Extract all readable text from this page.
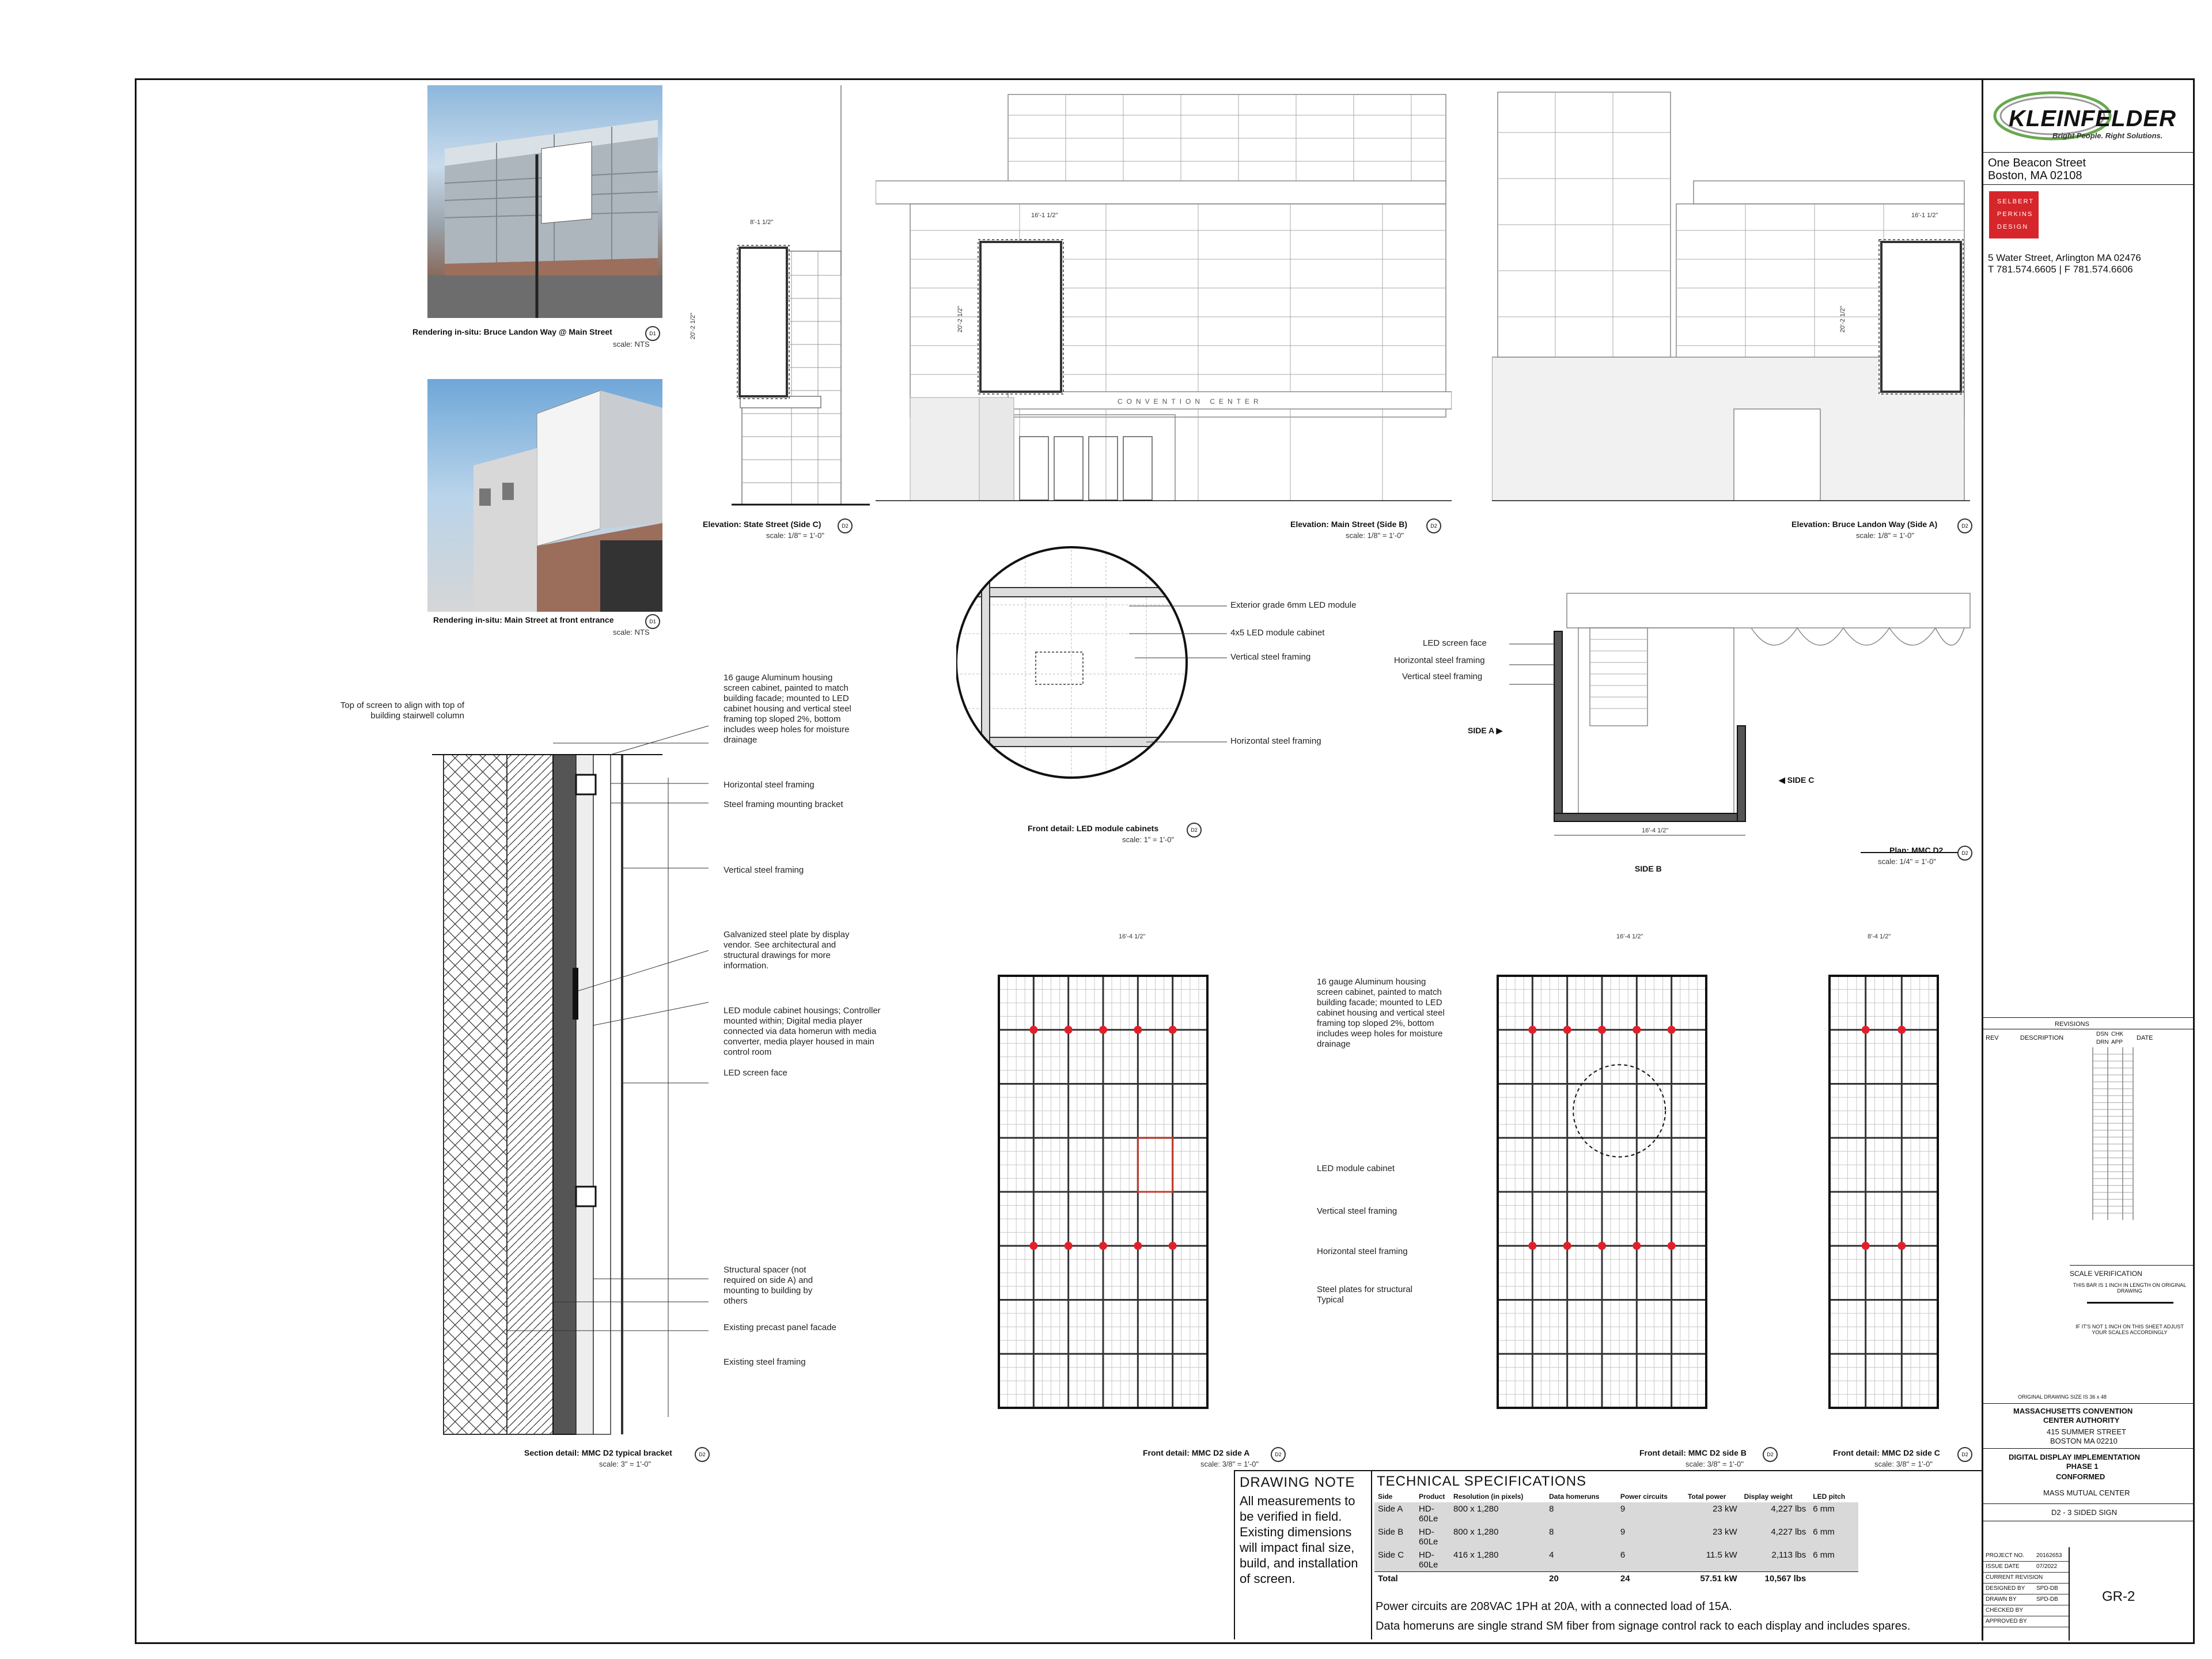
Rendering in-situ: Bruce Landon Way @ Main Street
scale: NTS
D1
Rendering in-situ: Main Street at front entrance
scale: NTS
D1
8'-1 1/2"
20'-2 1/2"
Elevation: State Street (Side C)
scale: 1/8" = 1'-0"
D2
CONVENTION CENTER
16'-1 1/2"
20'-2 1/2"
Elevation: Main Street (Side B)
scale: 1/8" = 1'-0"
D2
16'-1 1/2"
20'-2 1/2"
Elevation: Bruce Landon Way (Side A)
scale: 1/8" = 1'-0"
D2
Exterior grade 6mm LED module
4x5 LED module cabinet
Vertical steel framing
Horizontal steel framing
Front detail: LED module cabinets
scale: 1" = 1'-0"
D2
LED screen face
Horizontal steel framing
Vertical steel framing
SIDE A ▶
◀ SIDE C
SIDE B
16'-4 1/2"
Plan: MMC D2
scale: 1/4" = 1'-0"
D2
Top of screen to align with top of building stairwell column
16 gauge Aluminum housing screen cabinet, painted to match building facade; mounted to LED cabinet housing and vertical steel framing top sloped 2%, bottom includes weep holes for moisture drainage
Horizontal steel framing
Steel framing mounting bracket
Vertical steel framing
Galvanized steel plate by display vendor. See architectural and structural drawings for more information.
LED module cabinet housings; Controller mounted within; Digital media player connected via data homerun with media converter, media player housed in main control room
LED screen face
Structural spacer (not required on side A) and mounting to building by others
Existing precast panel facade
Existing steel framing
Section detail: MMC D2 typical bracket
scale: 3" = 1'-0"
D2
16'-4 1/2"	16'-4 1/2"	8'-4 1/2"
16 gauge Aluminum housing screen cabinet, painted to match building facade; mounted to LED cabinet housing and vertical steel framing top sloped 2%, bottom includes weep holes for moisture drainage
LED module cabinet
Vertical steel framing
Horizontal steel framing
Steel plates for structural Typical
Front detail: MMC D2 side A
scale: 3/8" = 1'-0"
D2	Front detail: MMC D2 side B
scale: 3/8" = 1'-0"
D2	Front detail: MMC D2 side C
scale: 3/8" = 1'-0"
D2
DRAWING NOTE
All measurements to be verified in field. Existing dimensions will impact final size, build, and installation of screen.
TECHNICAL SPECIFICATIONS
Side	Product	Resolution (in pixels)	Data homeruns	Power circuits	Total power	Display weight	LED pitch
Side A	HD-60Le	800 x 1,280	8	9	23 kW	4,227 lbs	6 mm
Side B	HD-60Le	800 x 1,280	8	9	23 kW	4,227 lbs	6 mm
Side C	HD-60Le	416 x 1,280	4	6	11.5 kW	2,113 lbs	6 mm
Total			20	24	57.51 kW	10,567 lbs	
Power circuits are 208VAC 1PH at 20A, with a connected load of 15A.
Data homeruns are single strand SM fiber from signage control rack to each display and includes spares.
KLEINFELDER
Bright People. Right Solutions.
One Beacon Street
Boston, MA 02108
SELBERT
PERKINS
DESIGN
5 Water Street, Arlington MA 02476
T 781.574.6605 | F 781.574.6606
REVISIONS
REV	DESCRIPTION
DSN CHK
DRN APP
DATE
SCALE VERIFICATION
THIS BAR IS 1 INCH IN LENGTH ON ORIGINAL DRAWING
IF IT'S NOT 1 INCH ON THIS SHEET ADJUST YOUR SCALES ACCORDINGLY
ORIGINAL DRAWING SIZE IS 36 x 48
MASSACHUSETTS CONVENTION
CENTER AUTHORITY
415 SUMMER STREET
BOSTON MA 02210
DIGITAL DISPLAY IMPLEMENTATION
PHASE 1
CONFORMED
MASS MUTUAL CENTER
D2 - 3 SIDED SIGN
PROJECT NO. 20162653
ISSUE DATE	07/2022
CURRENT REVISION
DESIGNED BY SPD-DB
DRAWN BY	SPD-DB
CHECKED BY
APPROVED BY
GR-2
